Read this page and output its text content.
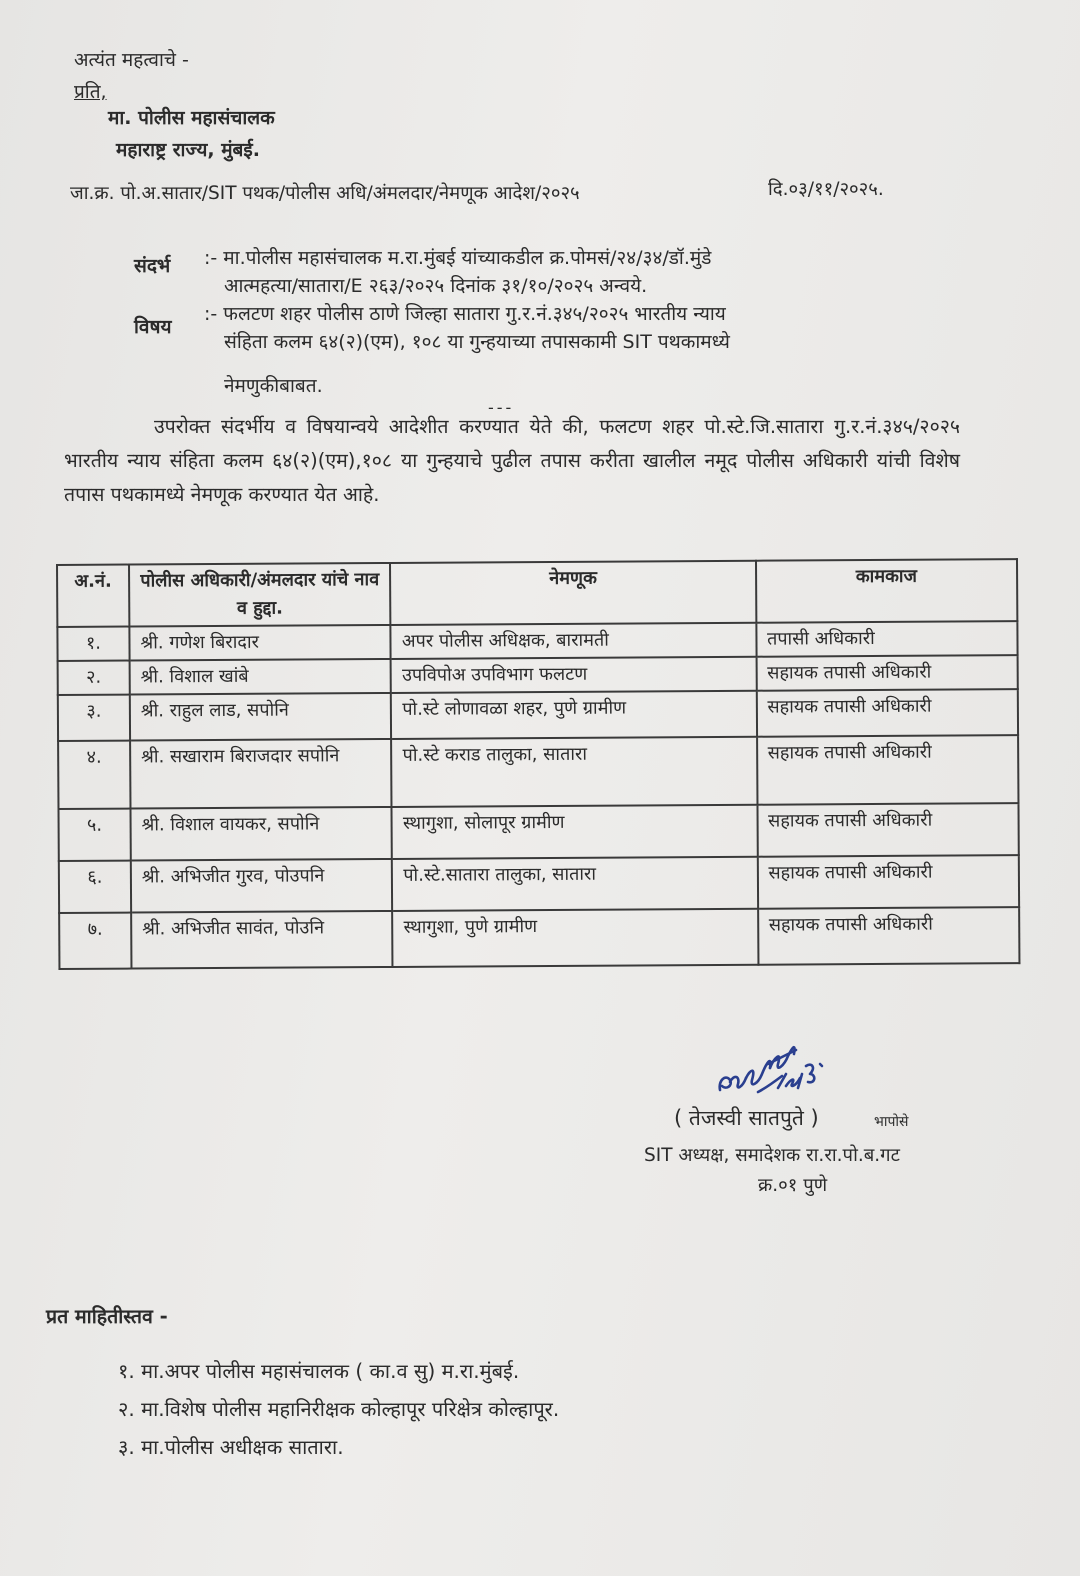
अत्यंत महत्वाचे -
प्रति,
मा. पोलीस महासंचालक
महाराष्ट्र राज्य, मुंबई.
जा.क्र. पो.अ.सातार/SIT पथक/पोलीस अधि/अंमलदार/नेमणूक आदेश/२०२५	दि.०३/११/२०२५.
संदर्भ :- मा.पोलीस महासंचालक म.रा.मुंबई यांच्याकडील क्र.पोमसं/२४/३४/डॉ.मुंडे
आत्महत्या/सातारा/E २६३/२०२५ दिनांक ३१/१०/२०२५ अन्वये.
विषय
:- फलटण शहर पोलीस ठाणे जिल्हा सातारा गु.र.नं.३४५/२०२५ भारतीय न्याय
संहिता कलम ६४(२)(एम), १०८ या गुन्हयाच्या तपासकामी SIT पथकामध्ये
नेमणुकीबाबत.
---
उपरोक्त संदर्भीय व विषयान्वये आदेशीत करण्यात येते की, फलटण शहर पो.स्टे.जि.सातारा गु.र.नं.३४५/२०२५ भारतीय न्याय संहिता कलम ६४(२)(एम),१०८ या गुन्हयाचे पुढील तपास करीता खालील नमूद पोलीस अधिकारी यांची विशेष तपास पथकामध्ये नेमणूक करण्यात येत आहे.
अ.नं.	पोलीस अधिकारी/अंमलदार यांचे नाव व हुद्दा.	नेमणूक	कामकाज
१.	श्री. गणेश बिरादार	अपर पोलीस अधिक्षक, बारामती	तपासी अधिकारी
२.	श्री. विशाल खांबे	उपविपोअ उपविभाग फलटण	सहायक तपासी अधिकारी
३.	श्री. राहुल लाड, सपोनि	पो.स्टे लोणावळा शहर, पुणे ग्रामीण	सहायक तपासी अधिकारी
४.	श्री. सखाराम बिराजदार सपोनि	पो.स्टे कराड तालुका, सातारा	सहायक तपासी अधिकारी
५.	श्री. विशाल वायकर, सपोनि	स्थागुशा, सोलापूर ग्रामीण	सहायक तपासी अधिकारी
६.	श्री. अभिजीत गुरव, पोउपनि	पो.स्टे.सातारा तालुका, सातारा	सहायक तपासी अधिकारी
७.	श्री. अभिजीत सावंत, पोउनि	स्थागुशा, पुणे ग्रामीण	सहायक तपासी अधिकारी
( तेजस्वी सातपुते )	भापोसे
SIT अध्यक्ष, समादेशक रा.रा.पो.ब.गट
क्र.०१ पुणे
प्रत माहितीस्तव -
१. मा.अपर पोलीस महासंचालक ( का.व सु) म.रा.मुंबई.
२. मा.विशेष पोलीस महानिरीक्षक कोल्हापूर परिक्षेत्र कोल्हापूर.
३. मा.पोलीस अधीक्षक सातारा.
